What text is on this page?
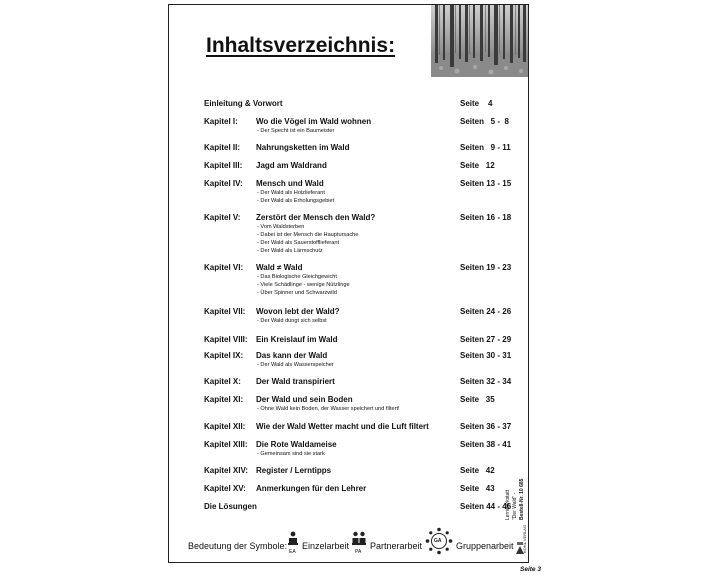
Inhaltsverzeichnis:
Einleitung & Vorwort	Seite    4
Kapitel I: Wo die Vögel im Wald wohnen	Seiten   5 -  8
- Der Specht ist ein Baumeister
Kapitel II: Nahrungsketten im Wald	Seiten   9 - 11
Kapitel III: Jagd am Waldrand	Seite   12
Kapitel IV: Mensch und Wald	Seiten 13 - 15
- Der Wald als Holzlieferant
- Der Wald als Erholungsgebiet
Kapitel V: Zerstört der Mensch den Wald?	Seiten 16 - 18
- Vom Waldsterben
- Dabei ist der Mensch die Hauptursache
- Der Wald als Sauerstofflieferant
- Der Wald als Lärmschutz
Kapitel VI: Wald ≠ Wald	Seiten 19 - 23
- Das Biologische Gleichgewicht
- Viele Schädlinge - wenige Nützlinge
- Über Spinner und Schwarzwild
Kapitel VII: Wovon lebt der Wald?	Seiten 24 - 26
- Der Wald düngt sich selbst
Kapitel VIII: Ein Kreislauf im Wald	Seiten 27 - 29
Kapitel IX: Das kann der Wald	Seiten 30 - 31
- Der Wald als Wasserspeicher
Kapitel X: Der Wald transpiriert	Seiten 32 - 34
Kapitel XI: Der Wald und sein Boden	Seite   35
- Ohne Wald kein Boden, der Wasser speichert und filtert!
Kapitel XII: Wie der Wald Wetter macht und die Luft filtert	Seiten 36 - 37
Kapitel XIII: Die Rote Waldameise	Seiten 38 - 41
- Gemeinsam sind sie stark
Kapitel XIV: Register / Lerntipps	Seite   42
Kapitel XV: Anmerkungen für den Lehrer	Seite   43
Die Lösungen	Seiten 44 - 46
Bedeutung der Symbole:
EA
Einzelarbeit
PA
Partnerarbeit GA Gruppenarbeit
Lernwerkstatt "Der Wald" - Bestell-Nr. 10 685
KOHL VERLAG
Seite 3
